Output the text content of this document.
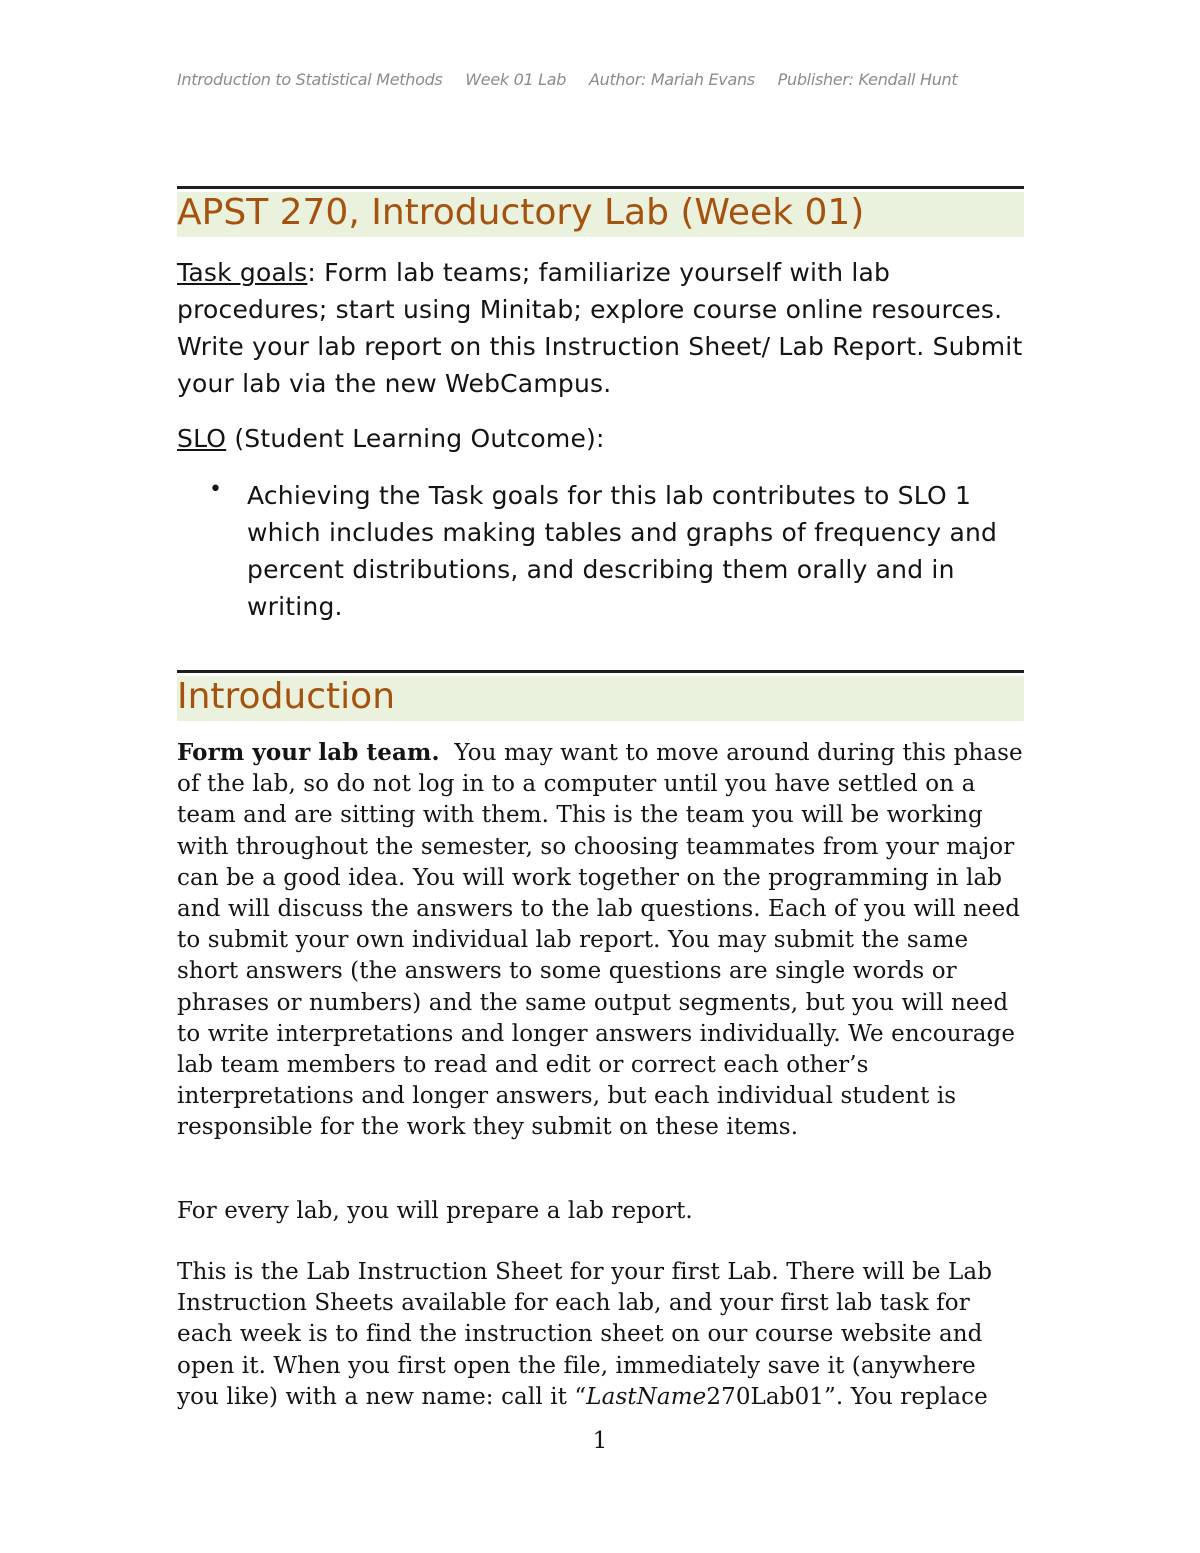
Introduction to Statistical Methods Week 01 Lab Author: Mariah Evans Publisher: Kendall Hunt
APST 270, Introductory Lab (Week 01)
Task goals: Form lab teams; familiarize yourself with lab procedures; start using Minitab; explore course online resources. Write your lab report on this Instruction Sheet/ Lab Report. Submit your lab via the new WebCampus.
SLO (Student Learning Outcome):
• Achieving the Task goals for this lab contributes to SLO 1 which includes making tables and graphs of frequency and percent distributions, and describing them orally and in writing.
Introduction
Form your lab team. You may want to move around during this phase of the lab, so do not log in to a computer until you have settled on a team and are sitting with them. This is the team you will be working with throughout the semester, so choosing teammates from your major can be a good idea. You will work together on the programming in lab and will discuss the answers to the lab questions. Each of you will need to submit your own individual lab report. You may submit the same short answers (the answers to some questions are single words or phrases or numbers) and the same output segments, but you will need to write interpretations and longer answers individually. We encourage lab team members to read and edit or correct each other’s interpretations and longer answers, but each individual student is responsible for the work they submit on these items.
For every lab, you will prepare a lab report.
This is the Lab Instruction Sheet for your first Lab. There will be Lab Instruction Sheets available for each lab, and your first lab task for each week is to find the instruction sheet on our course website and open it. When you first open the file, immediately save it (anywhere you like) with a new name: call it “LastName270Lab01”. You replace
1
